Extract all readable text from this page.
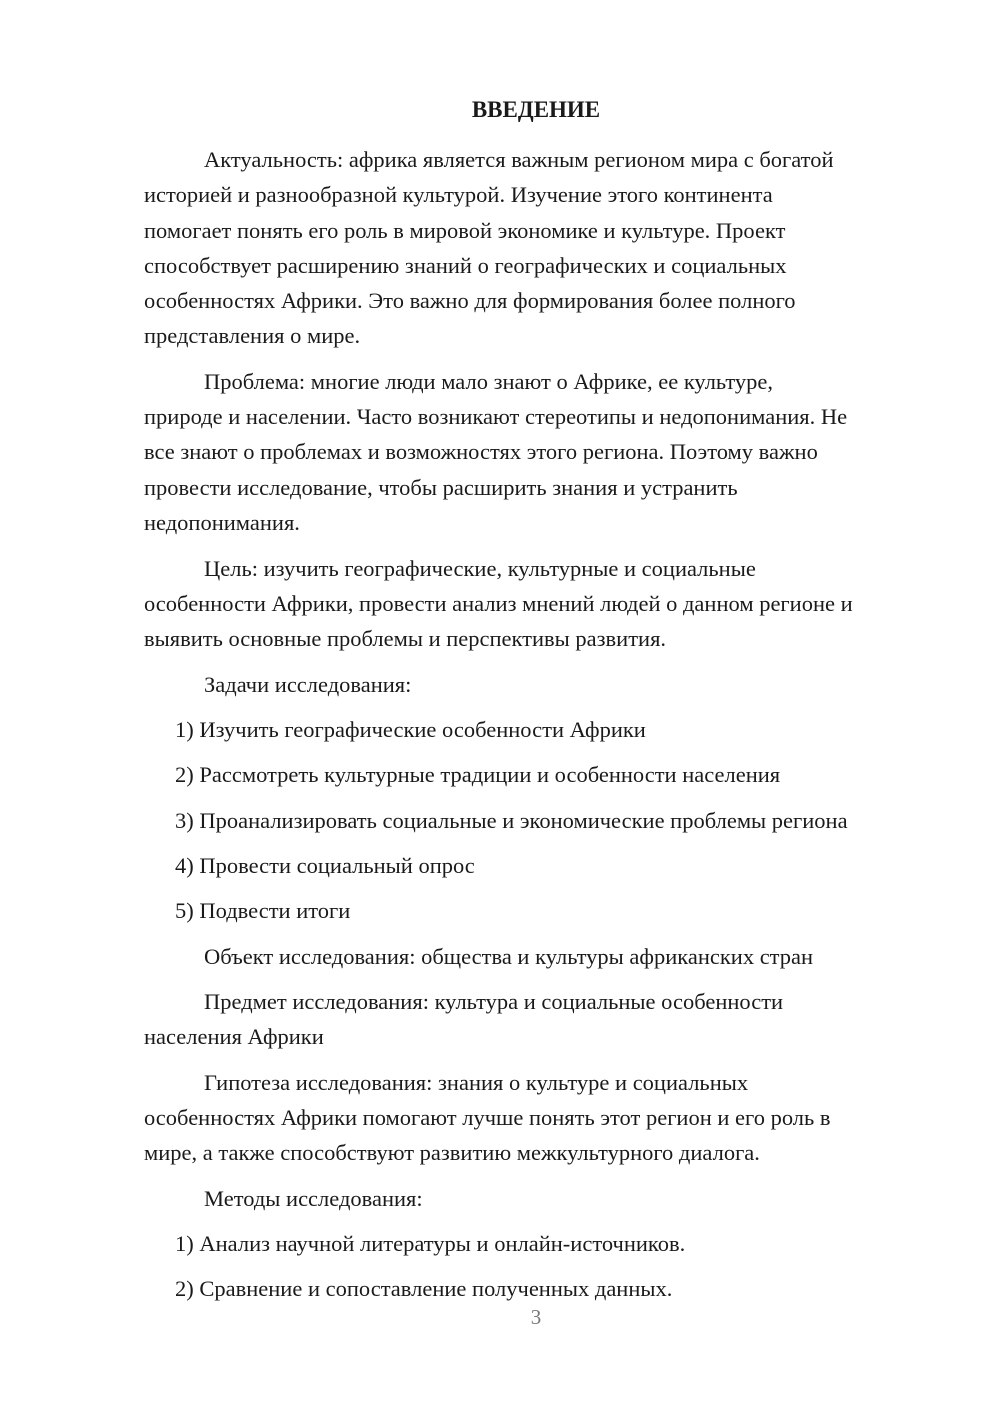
ВВЕДЕНИЕ

Актуальность: африка является важным регионом мира с богатой

историей и разнообразной культурой. Изучение этого континента

помогает понять его роль в мировой экономике и культуре. Проект

способствует расширению знаний о географических и социальных

особенностях Африки. Это важно для формирования более полного

представления о мире.

Проблема: многие люди мало знают о Африке, ее культуре,

природе и населении. Часто возникают стереотипы и недопонимания. Не

все знают о проблемах и возможностях этого региона. Поэтому важно

провести исследование, чтобы расширить знания и устранить

недопонимания.

Цель: изучить географические, культурные и социальные

особенности Африки, провести анализ мнений людей о данном регионе и

выявить основные проблемы и перспективы развития.

Задачи исследования:

1) Изучить географические особенности Африки

2) Рассмотреть культурные традиции и особенности населения

3) Проанализировать социальные и экономические проблемы региона

4) Провести социальный опрос

5) Подвести итоги

Объект исследования: общества и культуры африканских стран

Предмет исследования: культура и социальные особенности

населения Африки

Гипотеза исследования: знания о культуре и социальных

особенностях Африки помогают лучше понять этот регион и его роль в

мире, а также способствуют развитию межкультурного диалога.

Методы исследования:

1) Анализ научной литературы и онлайн-источников.

2) Сравнение и сопоставление полученных данных.

3
